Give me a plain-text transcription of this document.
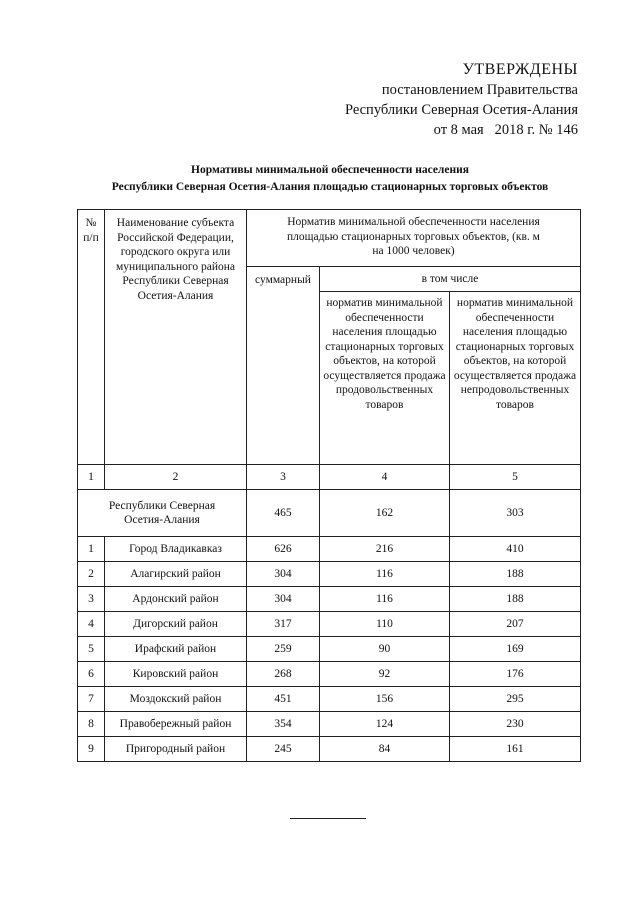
УТВЕРЖДЕНЫ
постановлением Правительства
Республики Северная Осетия-Алания
от 8 мая   2018 г. № 146
Нормативы минимальной обеспеченности населения
Республики Северная Осетия-Алания площадью стационарных торговых объектов
№ п/п	Наименование субъекта Российской Федерации, городского округа или муниципального района Республики Северная Осетия-Алания	Норматив минимальной обеспеченности населения площадью стационарных торговых объектов, (кв. м на 1000 человек)		
		суммарный	в том числе	
			норматив минимальной обеспеченности населения площадью стационарных торговых объектов, на которой осуществляется продажа продовольственных товаров	норматив минимальной обеспеченности населения площадью стационарных торговых объектов, на которой осуществляется продажа непродовольственных товаров
1	2	3	4	5
Республики Северная Осетия-Алания		465	162	303
1	Город Владикавказ	626	216	410
2	Алагирский район	304	116	188
3	Ардонский район	304	116	188
4	Дигорский район	317	110	207
5	Ирафский район	259	90	169
6	Кировский район	268	92	176
7	Моздокский район	451	156	295
8	Правобережный район	354	124	230
9	Пригородный район	245	84	161
